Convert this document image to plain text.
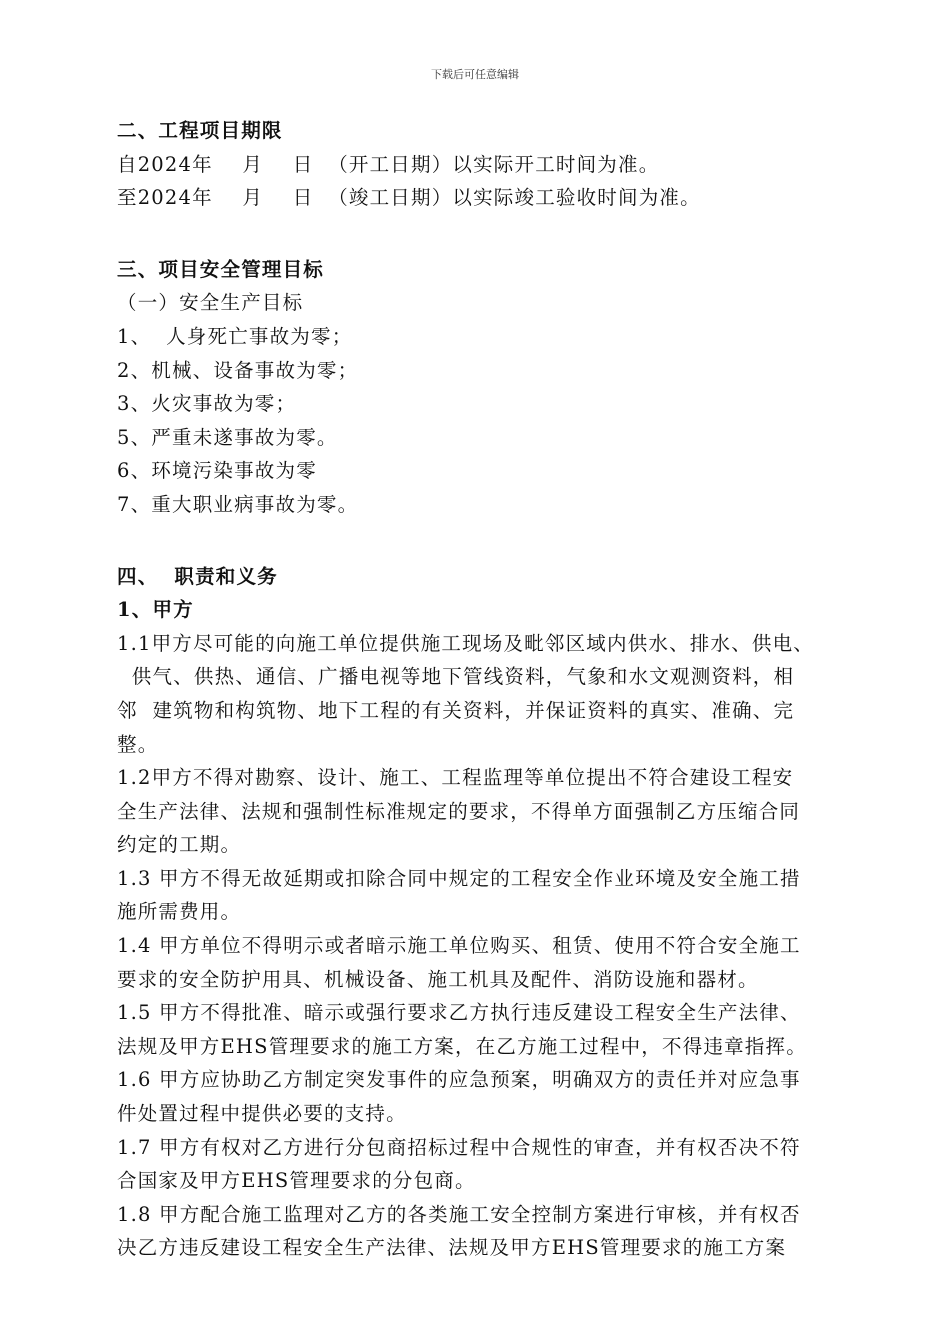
下载后可任意编辑
二、工程项目期限
自2024年    月    日  （开工日期）以实际开工时间为准。
至2024年    月    日  （竣工日期）以实际竣工验收时间为准。
三、项目安全管理目标
（一）安全生产目标
1、  人身死亡事故为零；
2、机械、设备事故为零；
3、火灾事故为零；
5、严重未遂事故为零。
6、环境污染事故为零
7、重大职业病事故为零。
四、  职责和义务
1、甲方
1.1甲方尽可能的向施工单位提供施工现场及毗邻区域内供水、排水、供电、
供气、供热、通信、广播电视等地下管线资料，气象和水文观测资料，相
邻  建筑物和构筑物、地下工程的有关资料，并保证资料的真实、准确、完
整。
1.2甲方不得对勘察、设计、施工、工程监理等单位提出不符合建设工程安
全生产法律、法规和强制性标准规定的要求，不得单方面强制乙方压缩合同
约定的工期。
1.3 甲方不得无故延期或扣除合同中规定的工程安全作业环境及安全施工措
施所需费用。
1.4 甲方单位不得明示或者暗示施工单位购买、租赁、使用不符合安全施工
要求的安全防护用具、机械设备、施工机具及配件、消防设施和器材。
1.5 甲方不得批准、暗示或强行要求乙方执行违反建设工程安全生产法律、
法规及甲方EHS管理要求的施工方案，在乙方施工过程中，不得违章指挥。
1.6 甲方应协助乙方制定突发事件的应急预案，明确双方的责任并对应急事
件处置过程中提供必要的支持。
1.7 甲方有权对乙方进行分包商招标过程中合规性的审查，并有权否决不符
合国家及甲方EHS管理要求的分包商。
1.8 甲方配合施工监理对乙方的各类施工安全控制方案进行审核，并有权否
决乙方违反建设工程安全生产法律、法规及甲方EHS管理要求的施工方案
